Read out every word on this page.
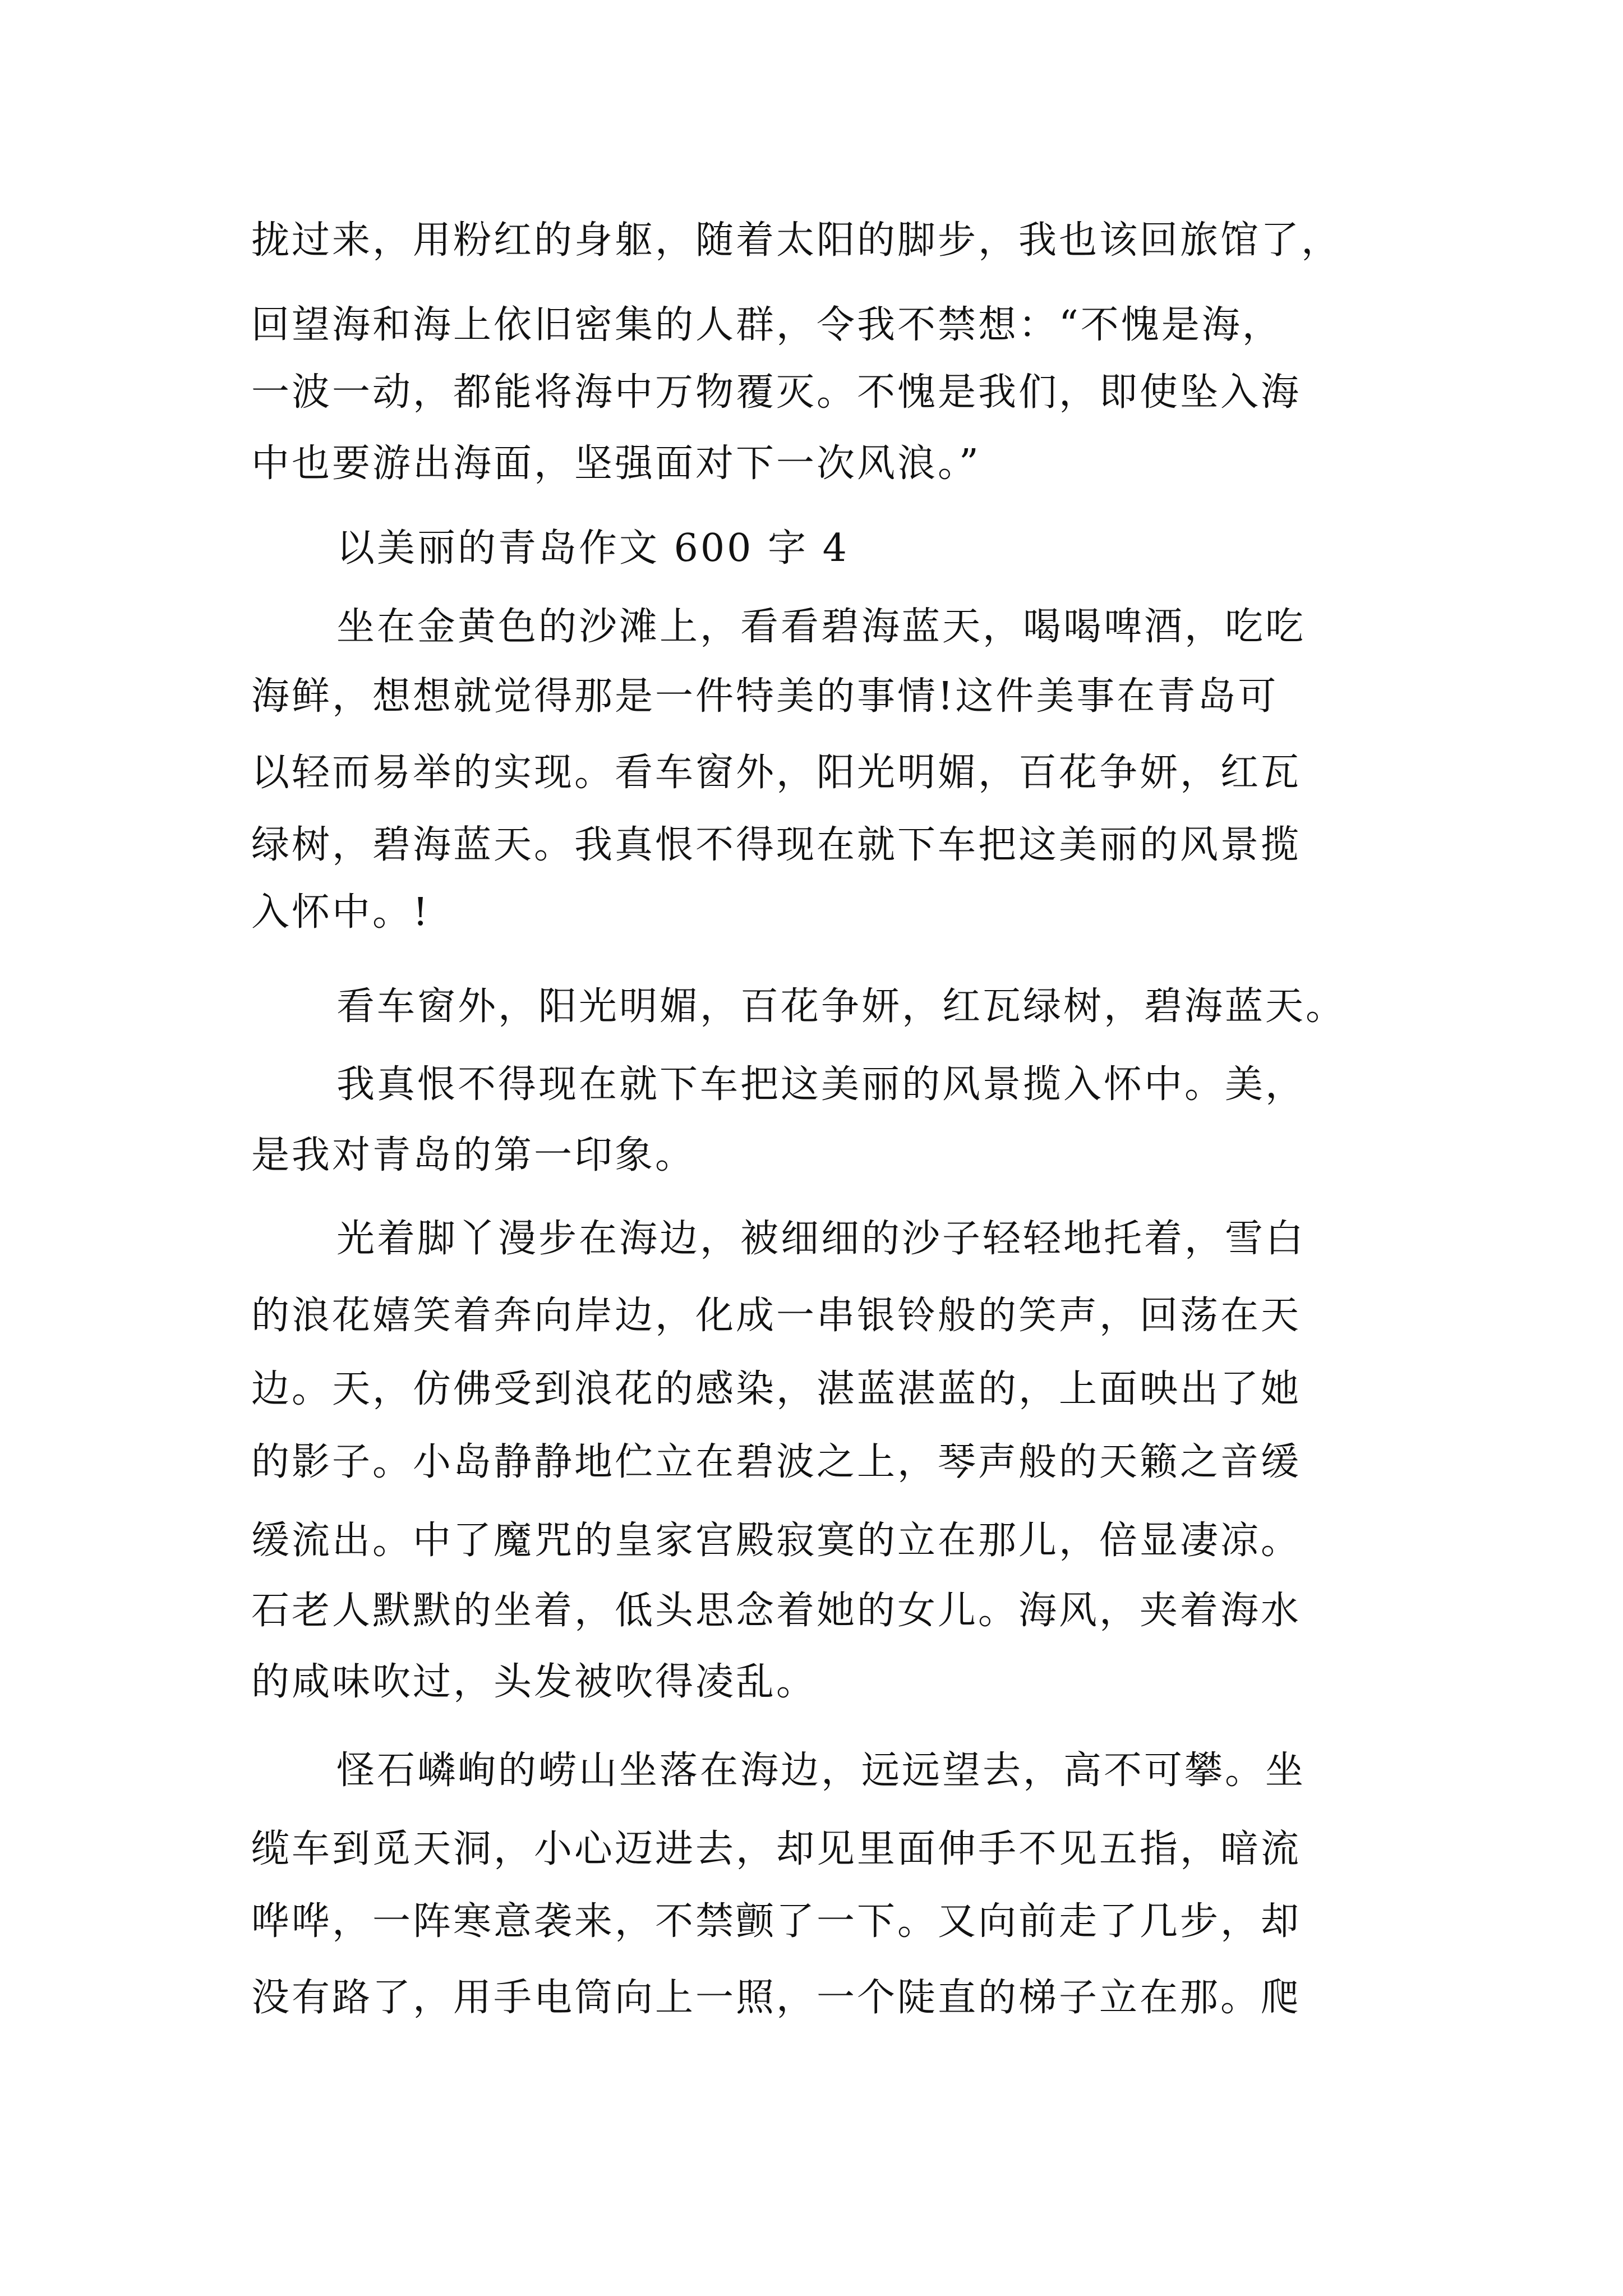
拢过来，用粉红的身躯，随着太阳的脚步，我也该回旅馆了，
回望海和海上依旧密集的人群，令我不禁想：“不愧是海，
一波一动，都能将海中万物覆灭。不愧是我们，即使坠入海
中也要游出海面，坚强面对下一次风浪。”
以美丽的青岛作文 600 字 4
坐在金黄色的沙滩上，看看碧海蓝天，喝喝啤酒，吃吃
海鲜，想想就觉得那是一件特美的事情!这件美事在青岛可
以轻而易举的实现。看车窗外，阳光明媚，百花争妍，红瓦
绿树，碧海蓝天。我真恨不得现在就下车把这美丽的风景揽
入怀中。!
看车窗外，阳光明媚，百花争妍，红瓦绿树，碧海蓝天。
我真恨不得现在就下车把这美丽的风景揽入怀中。美，
是我对青岛的第一印象。
光着脚丫漫步在海边，被细细的沙子轻轻地托着，雪白
的浪花嬉笑着奔向岸边，化成一串银铃般的笑声，回荡在天
边。天，仿佛受到浪花的感染，湛蓝湛蓝的，上面映出了她
的影子。小岛静静地伫立在碧波之上，琴声般的天籁之音缓
缓流出。中了魔咒的皇家宫殿寂寞的立在那儿，倍显凄凉。
石老人默默的坐着，低头思念着她的女儿。海风，夹着海水
的咸味吹过，头发被吹得凌乱。
怪石嶙峋的崂山坐落在海边，远远望去，高不可攀。坐
缆车到觅天洞，小心迈进去，却见里面伸手不见五指，暗流
哗哗，一阵寒意袭来，不禁颤了一下。又向前走了几步，却
没有路了，用手电筒向上一照，一个陡直的梯子立在那。爬
